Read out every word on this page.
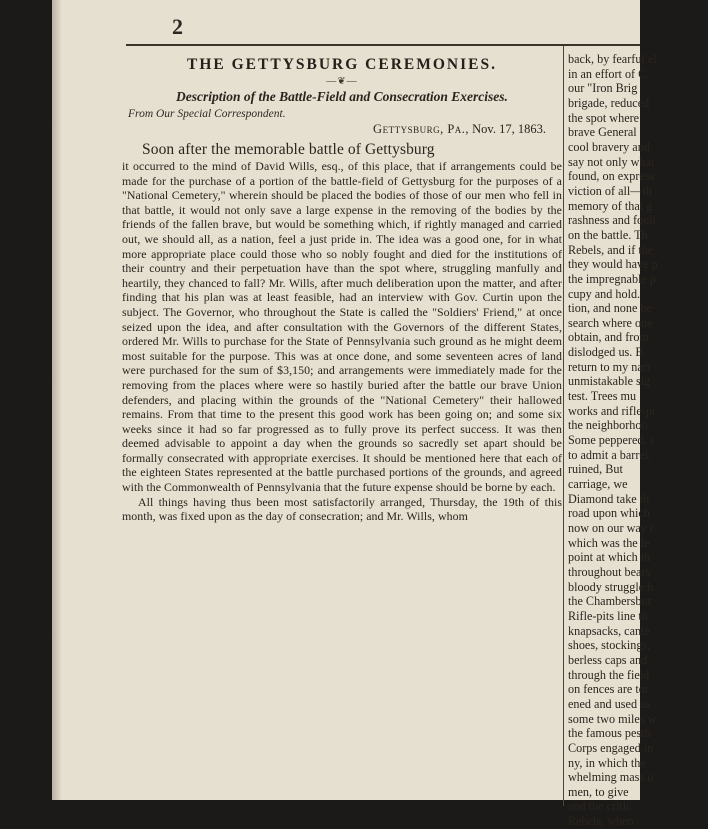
2
THE GETTYSBURG CEREMONIES.
—❦—
Description of the Battle-Field and Consecration Exercises.
From Our Special Correspondent.
Gettysburg, Pa., Nov. 17, 1863.
Soon after the memorable battle of Gettysburg

it occurred to the mind of David Wills, esq., of this place, that if arrangements could be made for the purchase of a portion of the battle-field of Gettysburg for the purposes of a "National Cemetery," wherein should be placed the bodies of those of our men who fell in that battle, it would not only save a large expense in the removing of the bodies by the friends of the fallen brave, but would be something which, if rightly managed and carried out, we should all, as a nation, feel a just pride in. The idea was a good one, for in what more appropriate place could those who so nobly fought and died for the institutions of their country and their perpetuation have than the spot where, struggling manfully and heartily, they chanced to fall? Mr. Wills, after much deliberation upon the matter, and after finding that his plan was at least feasible, had an interview with Gov. Curtin upon the subject. The Governor, who throughout the State is called the "Soldiers' Friend," at once seized upon the idea, and after consultation with the Governors of the different States, ordered Mr. Wills to purchase for the State of Pennsylvania such ground as he might deem most suitable for the purpose. This was at once done, and some seventeen acres of land were purchased for the sum of $3,150; and arrangements were immediately made for the removing from the places where were so hastily buried after the battle our brave Union defenders, and placing within the grounds of the "National Cemetery" their hallowed remains. From that time to the present this good work has been going on; and some six weeks since it had so far progressed as to fully prove its perfect success. It was then deemed advisable to appoint a day when the grounds so sacredly set apart should be formally consecrated with appropriate exercises. It should be mentioned here that each of the eighteen States represented at the battle purchased portions of the grounds, and agreed with the Commonwealth of Pennsylvania that the future expense should be borne by each.

All things having thus been most satisfactorily arranged, Thursday, the 19th of this month, was fixed upon as the day of consecration; and Mr. Wills, whom

back, by fearful el
in an effort of C
our "Iron Brig
brigade, reduced
the spot where
brave General
cool bravery and
say not only what
found, on express
viction of all—th
memory of that g
rashness and fooli
on the battle. Th
Rebels, and if the
they would have p
the impregnable p
cupy and hold.
tion, and none be
search where one
obtain, and from
dislodged us. B
return to my narr
unmistakable sig
test. Trees mu
works and rifle-pi
the neighborhoo
Some peppered, s
to admit a barrel,
ruined, But
carriage, we
Diamond take th
road upon which
now on our way t
which was the le
point at which th
throughout bears
bloody struggle h
the Chambersbur
Rifle-pits line th
knapsacks, cante
shoes, stockings,
berless caps and
through the field
on fences are tor
ened and used as
some two miles w
the famous pesth
Corps engaged in
ny, in which the
whelming mass o
men, to give
and the critic
Rebels, when
